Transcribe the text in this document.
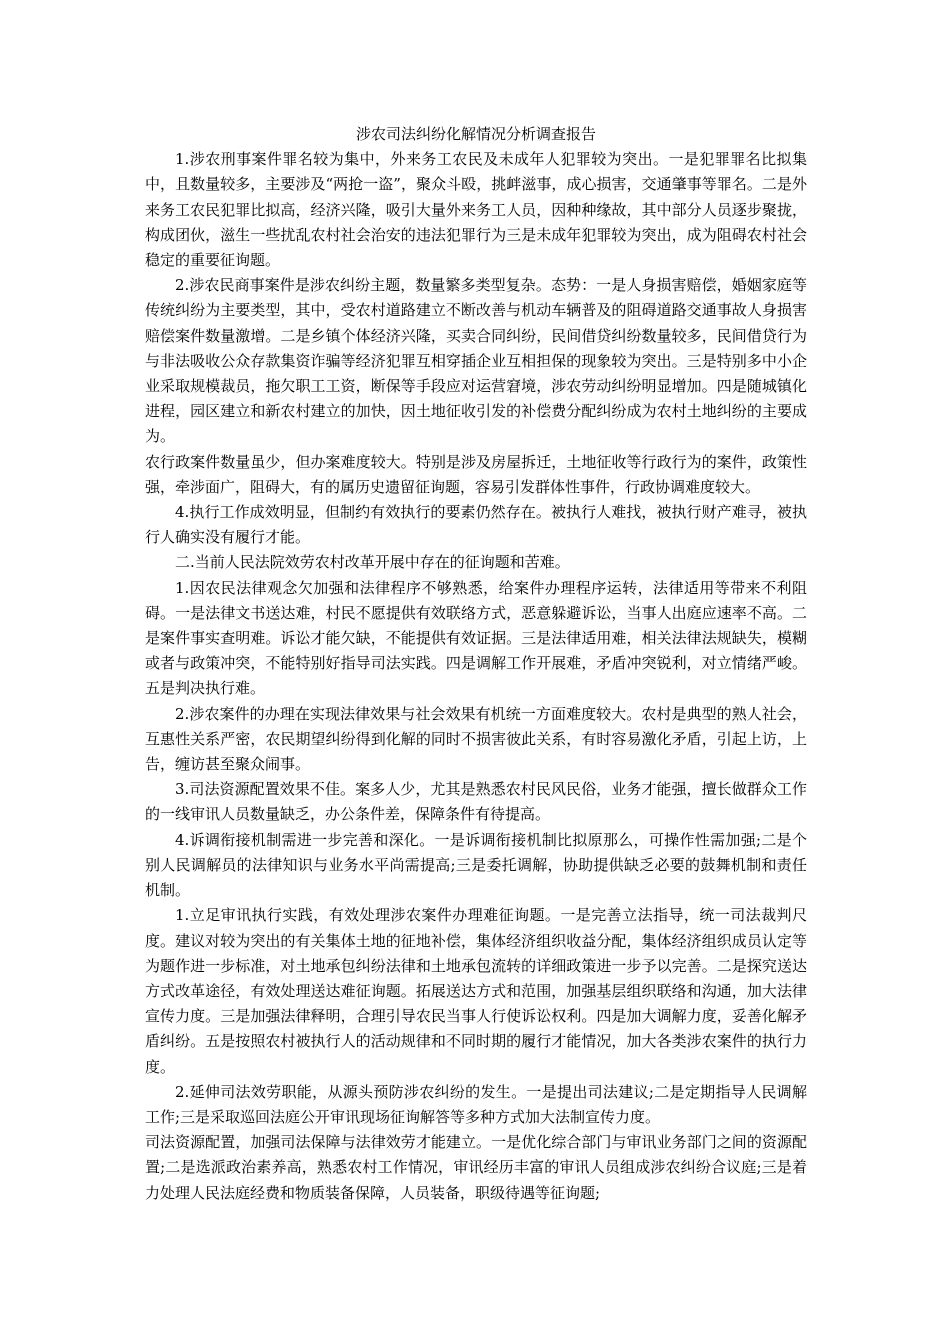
涉农司法纠纷化解情况分析调查报告

1.涉农刑事案件罪名较为集中，外来务工农民及未成年人犯罪较为突出。一是犯罪罪名比拟集中，且数量较多，主要涉及“两抢一盗”，聚众斗殴，挑衅滋事，成心损害，交通肇事等罪名。二是外来务工农民犯罪比拟高，经济兴隆，吸引大量外来务工人员，因种种缘故，其中部分人员逐步聚拢，构成团伙，滋生一些扰乱农村社会治安的违法犯罪行为三是未成年犯罪较为突出，成为阻碍农村社会稳定的重要征询题。

2.涉农民商事案件是涉农纠纷主题，数量繁多类型复杂。态势：一是人身损害赔偿，婚姻家庭等传统纠纷为主要类型，其中，受农村道路建立不断改善与机动车辆普及的阻碍道路交通事故人身损害赔偿案件数量激增。二是乡镇个体经济兴隆，买卖合同纠纷，民间借贷纠纷数量较多，民间借贷行为与非法吸收公众存款集资诈骗等经济犯罪互相穿插企业互相担保的现象较为突出。三是特别多中小企业采取规模裁员，拖欠职工工资，断保等手段应对运营窘境，涉农劳动纠纷明显增加。四是随城镇化进程，园区建立和新农村建立的加快，因土地征收引发的补偿费分配纠纷成为农村土地纠纷的主要成为。

农行政案件数量虽少，但办案难度较大。特别是涉及房屋拆迁，土地征收等行政行为的案件，政策性强，牵涉面广，阻碍大，有的属历史遗留征询题，容易引发群体性事件，行政协调难度较大。

4.执行工作成效明显，但制约有效执行的要素仍然存在。被执行人难找，被执行财产难寻，被执行人确实没有履行才能。

二.当前人民法院效劳农村改革开展中存在的征询题和苦难。

1.因农民法律观念欠加强和法律程序不够熟悉，给案件办理程序运转，法律适用等带来不利阻碍。一是法律文书送达难，村民不愿提供有效联络方式，恶意躲避诉讼，当事人出庭应速率不高。二是案件事实查明难。诉讼才能欠缺，不能提供有效证据。三是法律适用难，相关法律法规缺失，模糊或者与政策冲突，不能特别好指导司法实践。四是调解工作开展难，矛盾冲突锐利，对立情绪严峻。五是判决执行难。

2.涉农案件的办理在实现法律效果与社会效果有机统一方面难度较大。农村是典型的熟人社会，互惠性关系严密，农民期望纠纷得到化解的同时不损害彼此关系，有时容易激化矛盾，引起上访，上告，缠访甚至聚众闹事。

3.司法资源配置效果不佳。案多人少，尤其是熟悉农村民风民俗，业务才能强，擅长做群众工作的一线审讯人员数量缺乏，办公条件差，保障条件有待提高。

4.诉调衔接机制需进一步完善和深化。一是诉调衔接机制比拟原那么，可操作性需加强;二是个别人民调解员的法律知识与业务水平尚需提高;三是委托调解，协助提供缺乏必要的鼓舞机制和责任机制。

1.立足审讯执行实践，有效处理涉农案件办理难征询题。一是完善立法指导，统一司法裁判尺度。建议对较为突出的有关集体土地的征地补偿，集体经济组织收益分配，集体经济组织成员认定等为题作进一步标准，对土地承包纠纷法律和土地承包流转的详细政策进一步予以完善。二是探究送达方式改革途径，有效处理送达难征询题。拓展送达方式和范围，加强基层组织联络和沟通，加大法律宣传力度。三是加强法律释明，合理引导农民当事人行使诉讼权利。四是加大调解力度，妥善化解矛盾纠纷。五是按照农村被执行人的活动规律和不同时期的履行才能情况，加大各类涉农案件的执行力度。

2.延伸司法效劳职能，从源头预防涉农纠纷的发生。一是提出司法建议;二是定期指导人民调解工作;三是采取巡回法庭公开审讯现场征询解答等多种方式加大法制宣传力度。

司法资源配置，加强司法保障与法律效劳才能建立。一是优化综合部门与审讯业务部门之间的资源配置;二是选派政治素养高，熟悉农村工作情况，审讯经历丰富的审讯人员组成涉农纠纷合议庭;三是着力处理人民法庭经费和物质装备保障，人员装备，职级待遇等征询题;
